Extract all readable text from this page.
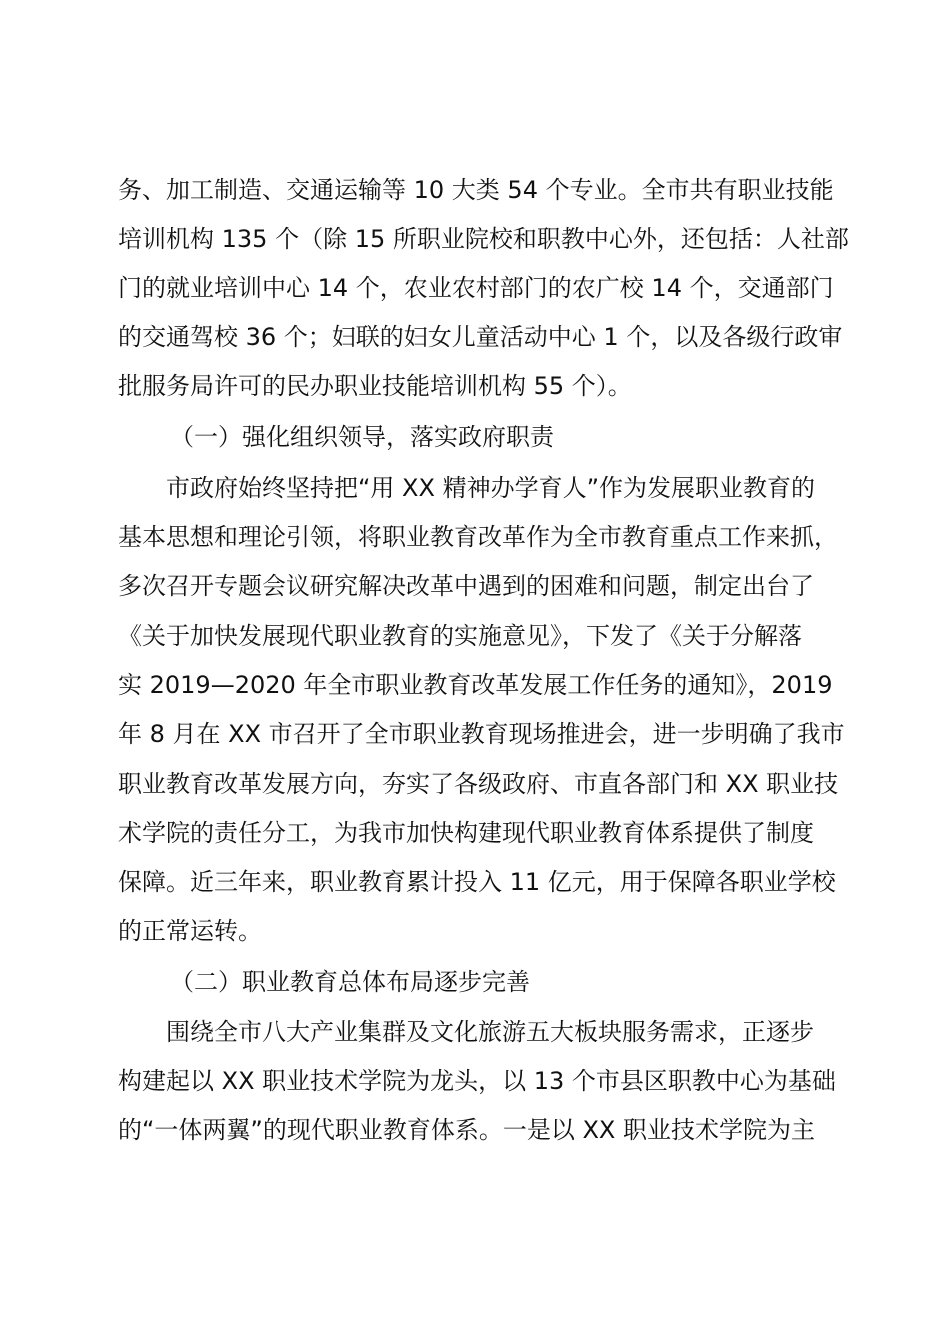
务、加工制造、交通运输等 10 大类 54 个专业。全市共有职业技能
培训机构 135 个（除 15 所职业院校和职教中心外，还包括：人社部
门的就业培训中心 14 个，农业农村部门的农广校 14 个，交通部门
的交通驾校 36 个；妇联的妇女儿童活动中心 1 个，以及各级行政审
批服务局许可的民办职业技能培训机构 55 个）。
（一）强化组织领导，落实政府职责
市政府始终坚持把“用 XX 精神办学育人”作为发展职业教育的
基本思想和理论引领，将职业教育改革作为全市教育重点工作来抓，
多次召开专题会议研究解决改革中遇到的困难和问题，制定出台了
《关于加快发展现代职业教育的实施意见》，下发了《关于分解落
实 2019—2020 年全市职业教育改革发展工作任务的通知》，2019
年 8 月在 XX 市召开了全市职业教育现场推进会，进一步明确了我市
职业教育改革发展方向，夯实了各级政府、市直各部门和 XX 职业技
术学院的责任分工，为我市加快构建现代职业教育体系提供了制度
保障。近三年来，职业教育累计投入 11 亿元，用于保障各职业学校
的正常运转。
（二）职业教育总体布局逐步完善
围绕全市八大产业集群及文化旅游五大板块服务需求，正逐步
构建起以 XX 职业技术学院为龙头，以 13 个市县区职教中心为基础
的“一体两翼”的现代职业教育体系。一是以 XX 职业技术学院为主
